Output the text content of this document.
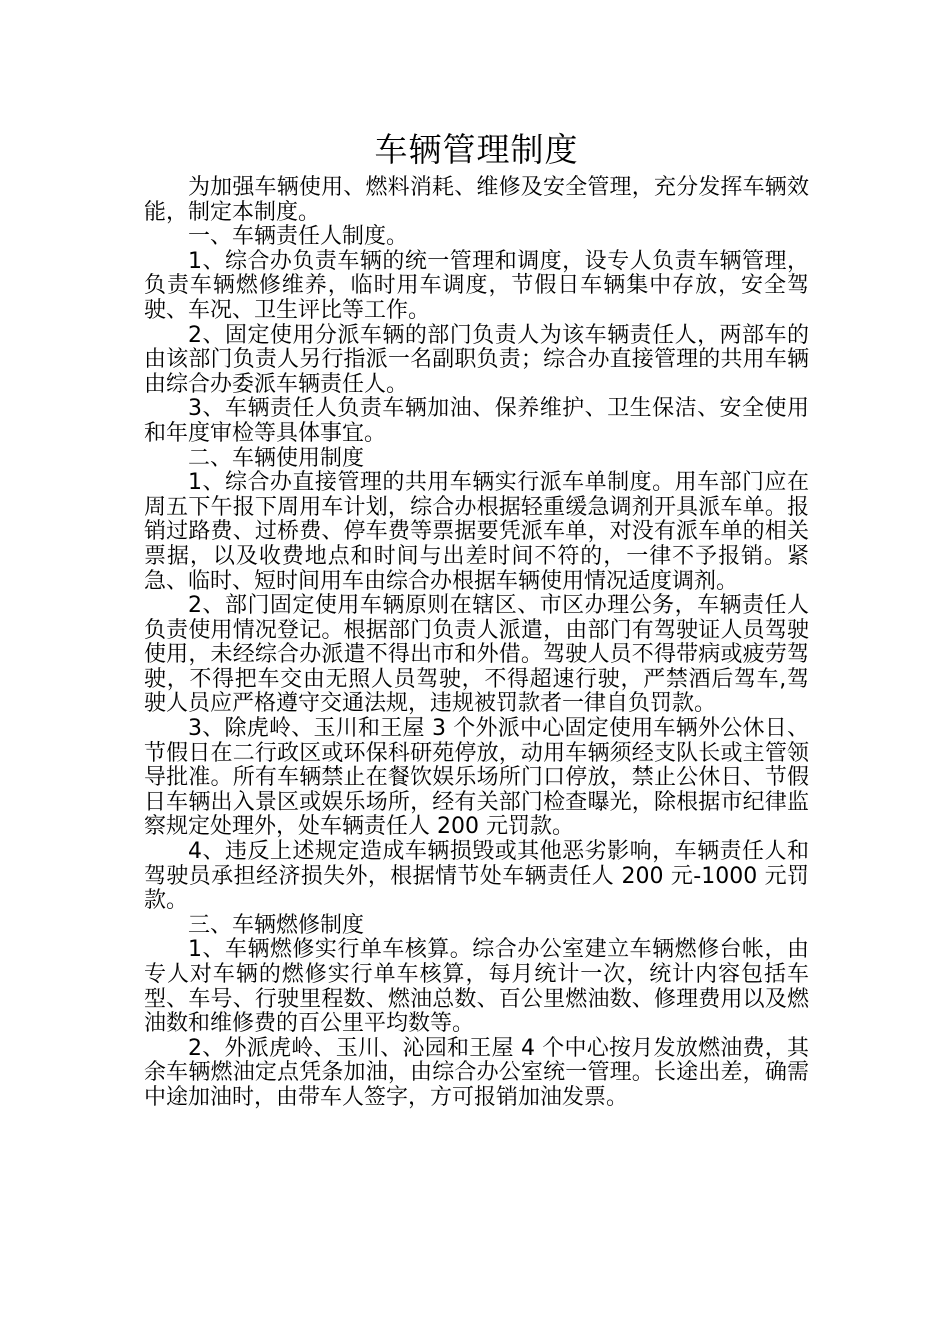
车辆管理制度

为加强车辆使用、燃料消耗、维修及安全管理，充分发挥车辆效能，制定本制度。

一、车辆责任人制度。

1、综合办负责车辆的统一管理和调度，设专人负责车辆管理，负责车辆燃修维养，临时用车调度，节假日车辆集中存放，安全驾驶、车况、卫生评比等工作。

2、固定使用分派车辆的部门负责人为该车辆责任人，两部车的由该部门负责人另行指派一名副职负责；综合办直接管理的共用车辆由综合办委派车辆责任人。

3、车辆责任人负责车辆加油、保养维护、卫生保洁、安全使用和年度审检等具体事宜。

二、车辆使用制度

1、综合办直接管理的共用车辆实行派车单制度。用车部门应在周五下午报下周用车计划，综合办根据轻重缓急调剂开具派车单。报销过路费、过桥费、停车费等票据要凭派车单，对没有派车单的相关票据，以及收费地点和时间与出差时间不符的，一律不予报销。紧急、临时、短时间用车由综合办根据车辆使用情况适度调剂。

2、部门固定使用车辆原则在辖区、市区办理公务，车辆责任人负责使用情况登记。根据部门负责人派遣，由部门有驾驶证人员驾驶使用，未经综合办派遣不得出市和外借。驾驶人员不得带病或疲劳驾驶，不得把车交由无照人员驾驶，不得超速行驶，严禁酒后驾车,驾驶人员应严格遵守交通法规，违规被罚款者一律自负罚款。

3、除虎岭、玉川和王屋 3 个外派中心固定使用车辆外公休日、节假日在二行政区或环保科研苑停放，动用车辆须经支队长或主管领导批准。所有车辆禁止在餐饮娱乐场所门口停放，禁止公休日、节假日车辆出入景区或娱乐场所，经有关部门检查曝光，除根据市纪律监察规定处理外，处车辆责任人 200 元罚款。

4、违反上述规定造成车辆损毁或其他恶劣影响，车辆责任人和驾驶员承担经济损失外，根据情节处车辆责任人 200 元-1000 元罚款。

三、车辆燃修制度

1、车辆燃修实行单车核算。综合办公室建立车辆燃修台帐，由专人对车辆的燃修实行单车核算，每月统计一次，统计内容包括车型、车号、行驶里程数、燃油总数、百公里燃油数、修理费用以及燃油数和维修费的百公里平均数等。

2、外派虎岭、玉川、沁园和王屋 4 个中心按月发放燃油费，其余车辆燃油定点凭条加油，由综合办公室统一管理。长途出差，确需中途加油时，由带车人签字，方可报销加油发票。
